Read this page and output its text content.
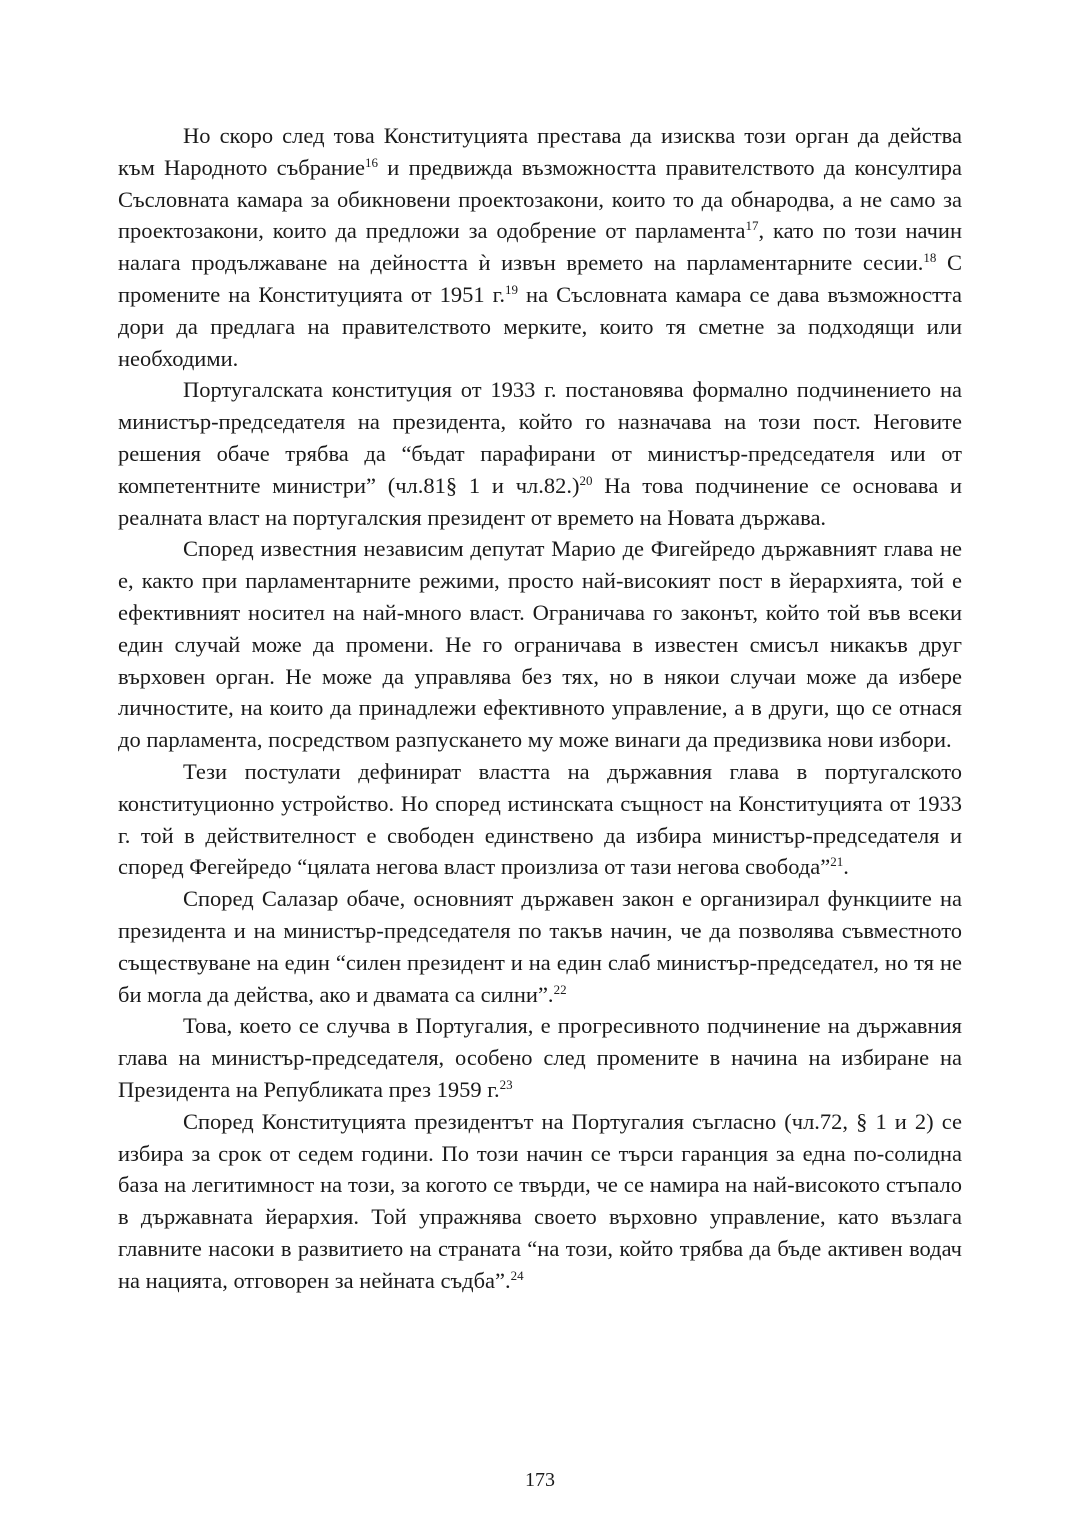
Но скоро след това Конституцията престава да изисква този орган да действа към Народното събрание$^{16}$ и предвижда възможността правителството да консултира Съсловната камара за обикновени проектозакони, които то да обнародва, а не само за проектозакони, които да предложи за одобрение от парламента$^{17}$, като по този начин налага продължаване на дейността ѝ извън времето на парламентарните сесии.$^{18}$ С промените на Конституцията от 1951 г.$^{19}$ на Съсловната камара се дава възможността дори да предлага на правителството мерките, които тя сметне за подходящи или необходими.

Португалската конституция от 1933 г. постановява формално подчинението на министър-председателя на президента, който го назначава на този пост. Неговите решения обаче трябва да “бъдат парафирани от министър-председателя или от компетентните министри” (чл.81§ 1 и чл.82.)$^{20}$ На това подчинение се основава и реалната власт на португалския президент от времето на Новата държава.

Според известния независим депутат Марио де Фигейредо държавният глава не е, както при парламентарните режими, просто най-високият пост в йерархията, той е ефективният носител на най-много власт. Ограничава го законът, който той във всеки един случай може да промени. Не го ограничава в известен смисъл никакъв друг върховен орган. Не може да управлява без тях, но в някои случаи може да избере личностите, на които да принадлежи ефективното управление, а в други, що се отнася до парламента, посредством разпускането му може винаги да предизвика нови избори.

Тези постулати дефинират властта на държавния глава в португалското конституционно устройство. Но според истинската същност на Конституцията от 1933 г. той в действителност е свободен единствено да избира министър-председателя и според Фегейредо “цялата негова власт произлиза от тази негова свобода”$^{21}$.

Според Салазар обаче, основният държавен закон е организирал функциите на президента и на министър-председателя по такъв начин, че да позволява съвместното съществуване на един “силен президент и на един слаб министър-председател, но тя не би могла да действа, ако и двамата са силни”.$^{22}$

Това, което се случва в Португалия, е прогресивното подчинение на държавния глава на министър-председателя, особено след промените в начина на избиране на Президента на Републиката през 1959 г.$^{23}$

Според Конституцията президентът на Португалия съгласно (чл.72, § 1 и 2) се избира за срок от седем години. По този начин се търси гаранция за една по-солидна база на легитимност на този, за когото се твърди, че се намира на най-високото стъпало в държавната йерархия. Той упражнява своето върховно управление, като възлага главните насоки в развитието на страната “на този, който трябва да бъде активен водач на нацията, отговорен за нейната съдба”.$^{24}$

173
